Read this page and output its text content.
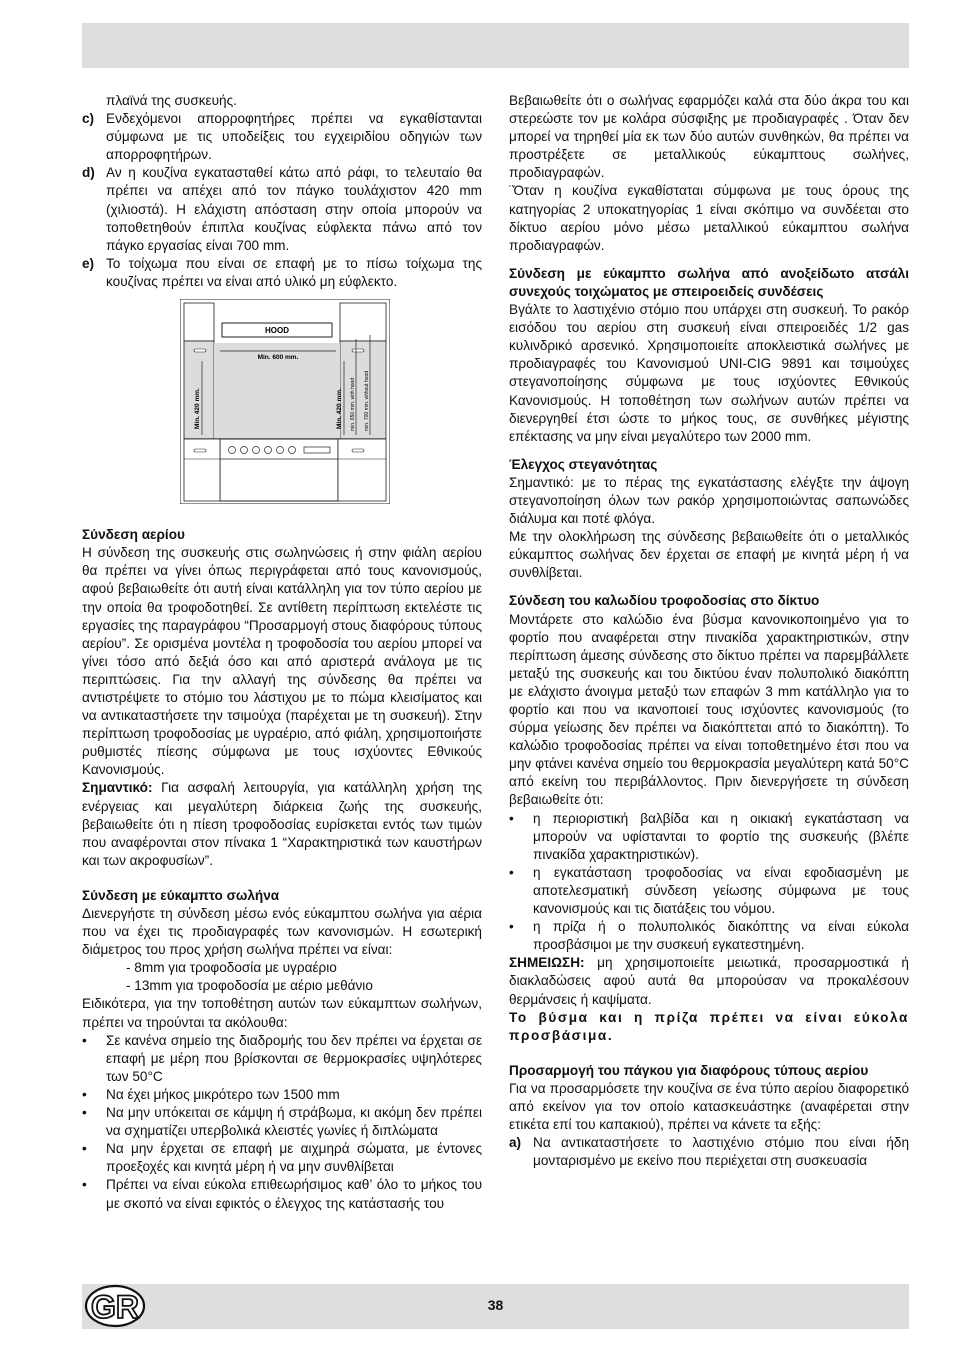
πλαϊνά της συσκευής.

c) Ενδεχόμενοι απορροφητήρες πρέπει να εγκαθίστανται σύμφωνα με τις υποδείξεις του εγχειριδίου οδηγιών των απορροφητήρων.
d) Αν η κουζίνα εγκατασταθεί κάτω από ράφι, το τελευταίο θα πρέπει να απέχει από τον πάγκο τουλάχιστον 420 mm (χιλιοστά). Η ελάχιστη απόσταση στην οποία μπορούν να τοποθετηθούν έπιπλα κουζίνας εύφλεκτα πάνω από τον πάγκο εργασίας είναι 700 mm.
e) Το τοίχωμα που είναι σε επαφή με το πίσω τοίχωμα της κουζίνας πρέπει να είναι από υλικό μη εύφλεκτο.
HOOD
Min. 600 mm.
Min. 420 mm.	Min. 420 mm. min. 650 mm. with hood min. 700 mm. without hood

Σύνδεση αερίου

Η σύνδεση της συσκευής στις σωληνώσεις ή στην φιάλη αερίου θα πρέπει να γίνει όπως περιγράφεται από τους κανονισμούς, αφού βεβαιωθείτε ότι αυτή είναι κατάλληλη για τον τύπο αερίου με την οποία θα τροφοδοτηθεί. Σε αντίθετη περίπτωση εκτελέστε τις εργασίες της παραγράφου “Προσαρμογή στους διαφόρους τύπους αερίου”. Σε ορισμένα μοντέλα η τροφοδοσία του αερίου μπορεί να γίνει τόσο από δεξιά όσο και από αριστερά ανάλογα με τις περιπτώσεις. Για την αλλαγή της σύνδεσης θα πρέπει να αντιστρέψετε το στόμιο του λάστιχου με το πώμα κλεισίματος και να αντικαταστήσετε την τσιμούχα (παρέχεται με τη συσκευή). Στην περίπτωση τροφοδοσίας με υγραέριο, από φιάλη, χρησιμοποιήστε ρυθμιστές πίεσης σύμφωνα με τους ισχύοντες Εθνικούς Κανονισμούς.

Σημαντικό: Για ασφαλή λειτουργία, για κατάλληλη χρήση της ενέργειας και μεγαλύτερη διάρκεια ζωής της συσκευής, βεβαιωθείτε ότι η πίεση τροφοδοσίας ευρίσκεται εντός των τιμών που αναφέρονται στον πίνακα 1 “Χαρακτηριστικά των καυστήρων και των ακροφυσίων”.

Σύνδεση με εύκαμπτο σωλήνα

Διενεργήστε τη σύνδεση μέσω ενός εύκαμπτου σωλήνα για αέρια που να έχει τις προδιαγραφές των κανονισμών. Η εσωτερική διάμετρος του προς χρήση σωλήνα πρέπει να είναι:

- 8mm για τροφοδοσία με υγραέριο

- 13mm για τροφοδοσία με αέριο μεθάνιο

Ειδικότερα, για την τοποθέτηση αυτών των εύκαμπτων σωλήνων, πρέπει να τηρούνται τα ακόλουθα:

•	Σε κανένα σημείο της διαδρομής του δεν πρέπει να έρχεται σε επαφή με μέρη που βρίσκονται σε θερμοκρασίες υψηλότερες των 50°C
•	Να έχει μήκος μικρότερο των 1500 mm
•	Να μην υπόκειται σε κάμψη ή στράβωμα, κι ακόμη δεν πρέπει να σχηματίζει υπερβολικά κλειστές γωνίες ή διπλώματα
•	Να μην έρχεται σε επαφή με αιχμηρά σώματα, με έντονες προεξοχές και κινητά μέρη ή να μην συνθλίβεται
•	Πρέπει να είναι εύκολα επιθεωρήσιμος καθ’ όλο το μήκος του με σκοπό να είναι εφικτός ο έλεγχος της κατάστασής του

Βεβαιωθείτε ότι ο σωλήνας εφαρμόζει καλά στα δύο άκρα του και στερεώστε τον με κολάρα σύσφιξης με προδιαγραφές . Όταν δεν μπορεί να τηρηθεί μία εκ των δύο αυτών συνθηκών, θα πρέπει να προστρέξετε σε μεταλλικούς εύκαμπτους σωλήνες, προδιαγραφών.

¨Όταν η κουζίνα εγκαθίσταται σύμφωνα με τους όρους της κατηγορίας 2 υποκατηγορίας 1 είναι σκόπιμο να συνδέεται στο δίκτυο αερίου μόνο μέσω μεταλλικού εύκαμπτου σωλήνα προδιαγραφών.

Σύνδεση με εύκαμπτο σωλήνα από ανοξείδωτο ατσάλι συνεχούς τοιχώματος με σπειροειδείς συνδέσεις

Βγάλτε το λαστιχένιο στόμιο που υπάρχει στη συσκευή. Το ρακόρ εισόδου του αερίου στη συσκευή είναι σπειροειδές 1/2 gas κυλινδρικό αρσενικό. Χρησιμοποιείτε αποκλειστικά σωλήνες με προδιαγραφές του Κανονισμού UNI-CIG 9891 και τσιμούχες στεγανοποίησης σύμφωνα με τους ισχύοντες Εθνικούς Κανονισμούς. Η τοποθέτηση των σωλήνων αυτών πρέπει να διενεργηθεί έτσι ώστε το μήκος τους, σε συνθήκες μέγιστης επέκτασης να μην είναι μεγαλύτερο των 2000 mm.

Έλεγχος στεγανότητας

Σημαντικό: με το πέρας της εγκατάστασης ελέγξτε την άψογη στεγανοποίηση όλων των ρακόρ χρησιμοποιώντας σαπωνώδες διάλυμα και ποτέ φλόγα.

Με την ολοκλήρωση της σύνδεσης βεβαιωθείτε ότι ο μεταλλικός εύκαμπτος σωλήνας δεν έρχεται σε επαφή με κινητά μέρη ή να συνθλίβεται.

Σύνδεση του καλωδίου τροφοδοσίας στο δίκτυο

Μοντάρετε στο καλώδιο ένα βύσμα κανονικοποιημένο για το φορτίο που αναφέρεται στην πινακίδα χαρακτηριστικών, στην περίπτωση άμεσης σύνδεσης στο δίκτυο πρέπει να παρεμβάλλετε μεταξύ της συσκευής και του δικτύου έναν πολυπολικό διακόπτη με ελάχιστο άνοιγμα μεταξύ των επαφών 3 mm κατάλληλο για το φορτίο και που να ικανοποιεί τους ισχύοντες κανονισμούς (το σύρμα γείωσης δεν πρέπει να διακόπτεται από το διακόπτη). Το καλώδιο τροφοδοσίας πρέπει να είναι τοποθετημένο έτσι που να μην φτάνει κανένα σημείο του θερμοκρασία μεγαλύτερη κατά 50°C από εκείνη του περιβάλλοντος. Πριν διενεργήσετε τη σύνδεση βεβαιωθείτε ότι:

•	η περιοριστική βαλβίδα και η οικιακή εγκατάσταση να μπορούν να υφίστανται το φορτίο της συσκευής (βλέπε πινακίδα χαρακτηριστικών).
•	η εγκατάσταση τροφοδοσίας να είναι εφοδιασμένη με αποτελεσματική σύνδεση γείωσης σύμφωνα με τους κανονισμούς και τις διατάξεις του νόμου.
•	η πρίζα ή ο πολυπολικός διακόπτης να είναι εύκολα προσβάσιμοι με την συσκευή εγκατεστημένη.

ΣΗΜΕΙΩΣΗ: μη χρησιμοποιείτε μειωτικά, προσαρμοστικά ή διακλαδώσεις αφού αυτά θα μπορούσαν να προκαλέσουν θερμάνσεις ή καψίματα.

Το βύσμα και η πρίζα πρέπει να είναι εύκολα προσβάσιμα.

Προσαρμογή του πάγκου για διαφόρους τύπους αερίου

Για να προσαρμόσετε την κουζίνα σε ένα τύπο αερίου διαφορετικό από εκείνον για τον οποίο κατασκευάστηκε (αναφέρεται στην ετικέτα επί του καπακιού), πρέπει να κάνετε τα εξής:

a) Να αντικαταστήσετε το λαστιχένιο στόμιο που είναι ήδη μονταρισμένο με εκείνο που περιέχεται στη συσκευασία
38
GR
